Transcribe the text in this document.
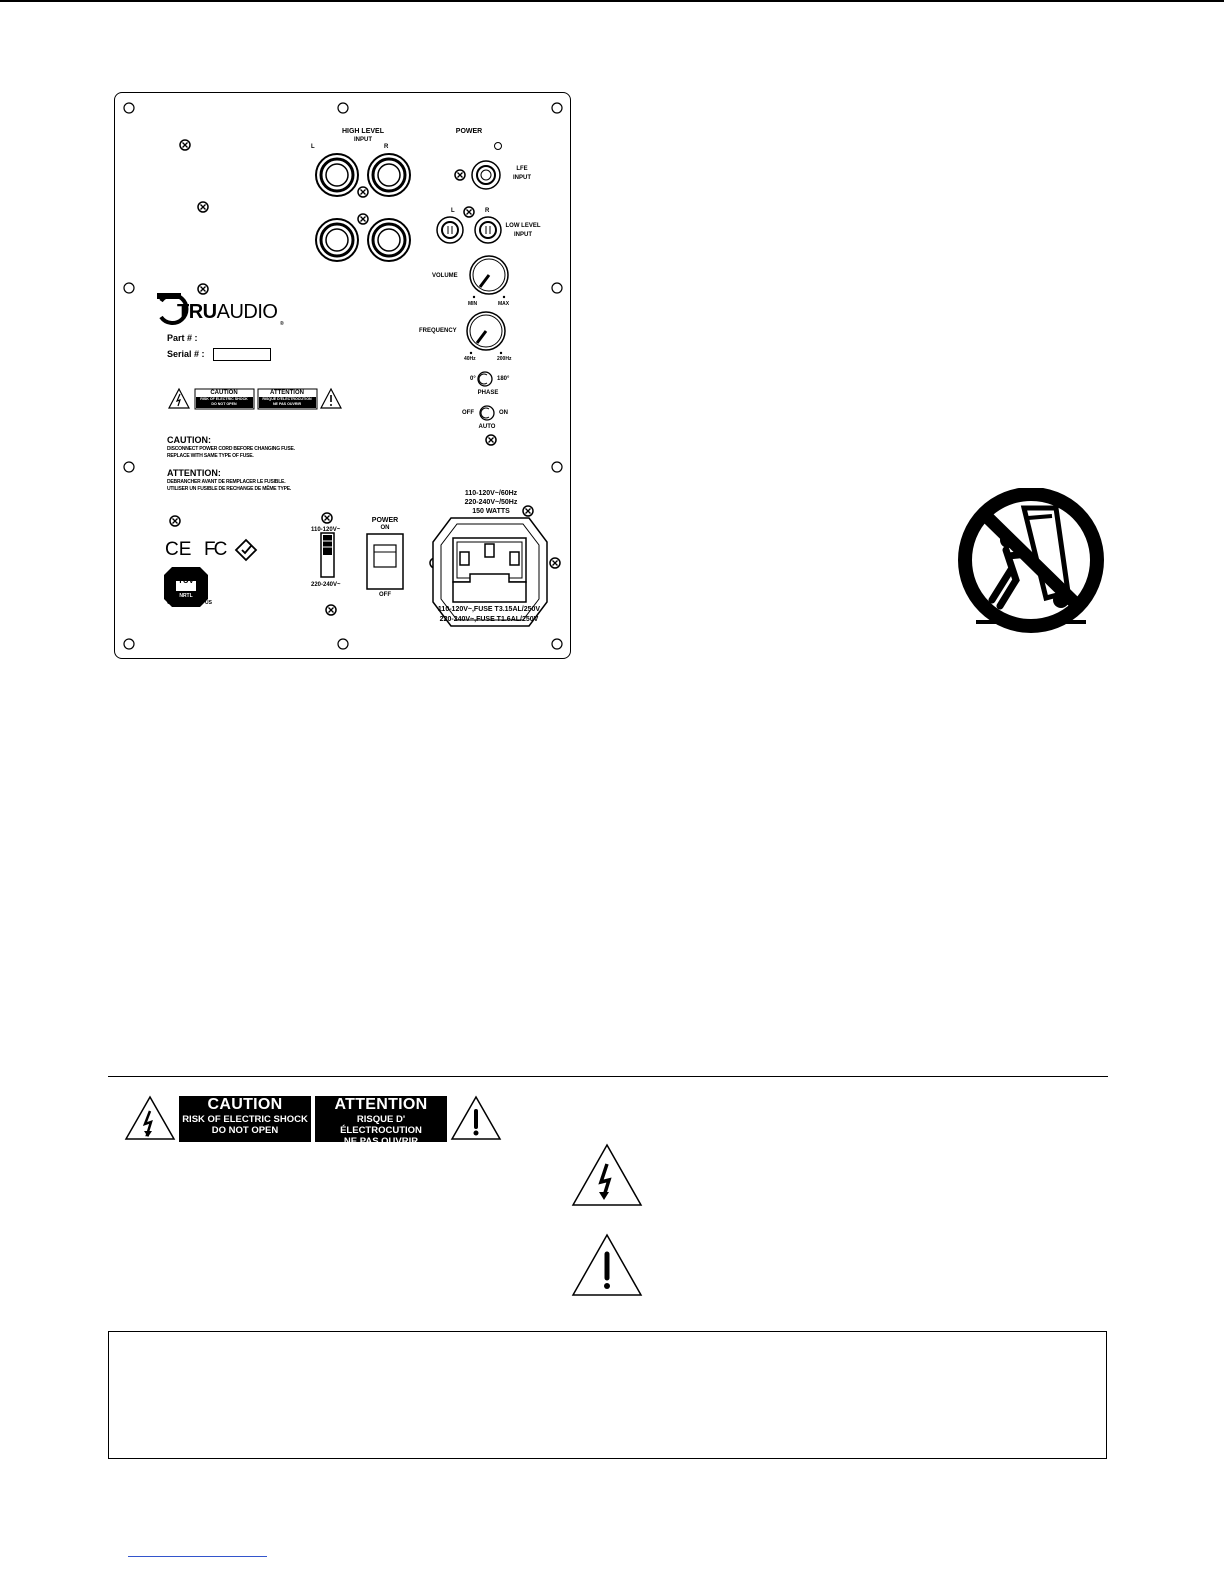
HIGH LEVEL
INPUT
L	R
POWER
LFE
INPUT
L	R
LOW LEVEL
INPUT
VOLUME
MIN	MAX
FREQUENCY
40Hz	200Hz
0°	180°
PHASE
OFF	ON
AUTO
TRUAUDIO
®
Part # :
Serial # :
CAUTION
RISK OF ELECTRIC SHOCK
DO NOT OPEN
ATTENTION
RISQUE D'ÉLECTROCUTION
NE PAS OUVRIR
CAUTION:
DISCONNECT POWER CORD BEFORE CHANGING FUSE.
REPLACE WITH SAME TYPE OF FUSE.
ATTENTION:
DEBRANCHER AVANT DE REMPLACER LE FUSIBLE.
UTILISER UN FUSIBLE DE RECHANGE DE MÊME TYPE.
CE FC
TÜV
NRTL
C	US
110-120V~
220-240V~
POWER
ON
OFF
110-120V~/60Hz
220-240V~/50Hz
150 WATTS
110-120V~,FUSE T3.15AL/250V
220-240V~,FUSE T1.6AL/250V
CAUTION
RISK OF ELECTRIC SHOCK
DO NOT OPEN
ATTENTION
RISQUE D' ÉLECTROCUTION
NE PAS OUVRIR
